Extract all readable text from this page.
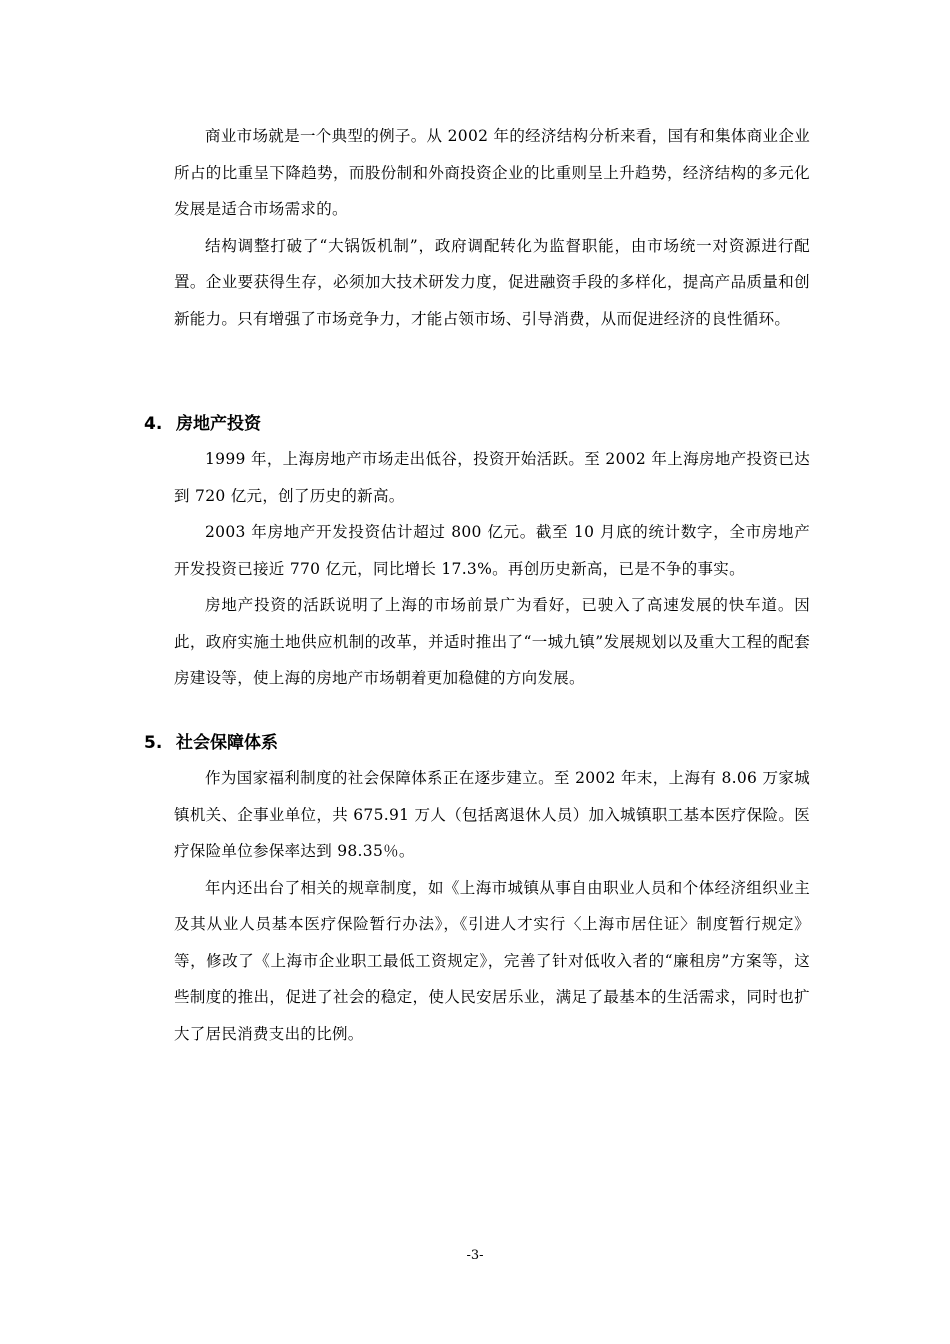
商业市场就是一个典型的例子。从 2002 年的经济结构分析来看，国有和集体商业企业所占的比重呈下降趋势，而股份制和外商投资企业的比重则呈上升趋势，经济结构的多元化发展是适合市场需求的。

结构调整打破了“大锅饭机制”，政府调配转化为监督职能，由市场统一对资源进行配置。企业要获得生存，必须加大技术研发力度，促进融资手段的多样化，提高产品质量和创新能力。只有增强了市场竞争力，才能占领市场、引导消费，从而促进经济的良性循环。

4. 房地产投资

1999 年，上海房地产市场走出低谷，投资开始活跃。至 2002 年上海房地产投资已达到 720 亿元，创了历史的新高。

2003 年房地产开发投资估计超过 800 亿元。截至 10 月底的统计数字，全市房地产开发投资已接近 770 亿元，同比增长 17.3%。再创历史新高，已是不争的事实。

房地产投资的活跃说明了上海的市场前景广为看好，已驶入了高速发展的快车道。因此，政府实施土地供应机制的改革，并适时推出了“一城九镇”发展规划以及重大工程的配套房建设等，使上海的房地产市场朝着更加稳健的方向发展。

5. 社会保障体系

作为国家福利制度的社会保障体系正在逐步建立。至 2002 年末，上海有 8.06 万家城镇机关、企事业单位，共 675.91 万人（包括离退休人员）加入城镇职工基本医疗保险。医疗保险单位参保率达到 98.35％。

年内还出台了相关的规章制度，如《上海市城镇从事自由职业人员和个体经济组织业主及其从业人员基本医疗保险暂行办法》，《引进人才实行〈上海市居住证〉制度暂行规定》等，修改了《上海市企业职工最低工资规定》，完善了针对低收入者的“廉租房”方案等，这些制度的推出，促进了社会的稳定，使人民安居乐业，满足了最基本的生活需求，同时也扩大了居民消费支出的比例。

-3-
